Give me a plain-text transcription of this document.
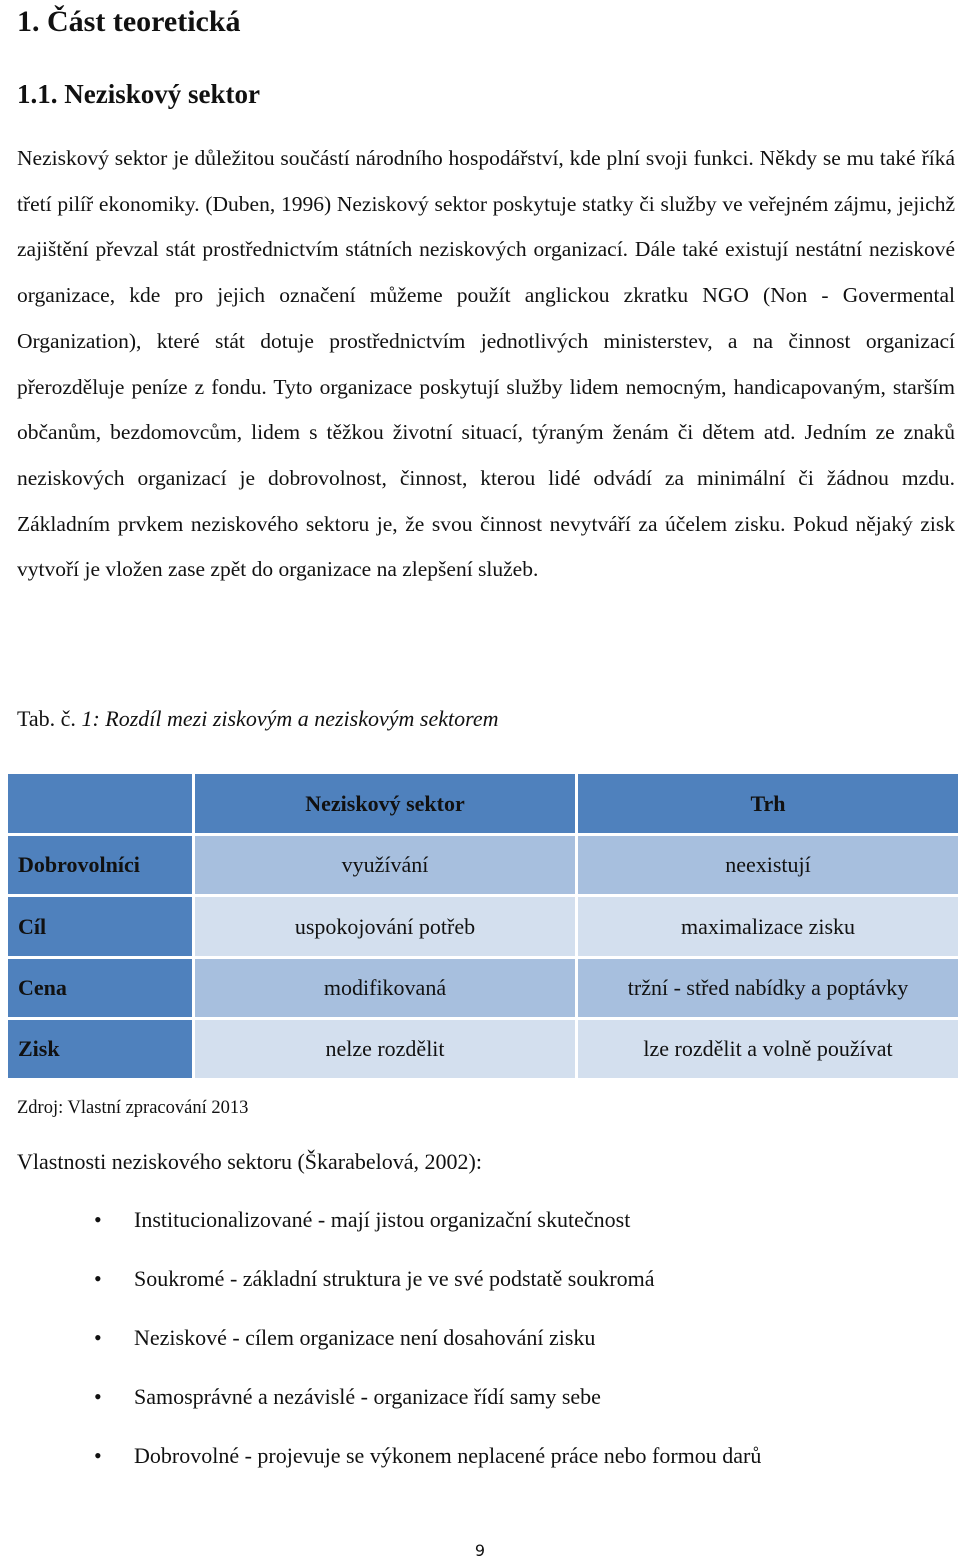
1. Část teoretická
1.1. Neziskový sektor

Neziskový sektor je důležitou součástí národního hospodářství, kde plní svoji funkci. Někdy se mu také říká třetí pilíř ekonomiky. (Duben, 1996) Neziskový sektor poskytuje statky či služby ve veřejném zájmu, jejichž zajištění převzal stát prostřednictvím státních neziskových organizací. Dále také existují nestátní neziskové organizace, kde pro jejich označení můžeme použít anglickou zkratku NGO (Non - Govermental Organization), které stát dotuje prostřednictvím jednotlivých ministerstev, a na činnost organizací přerozděluje peníze z fondu. Tyto organizace poskytují služby lidem nemocným, handicapovaným, starším občanům, bezdomovcům, lidem s těžkou životní situací, týraným ženám či dětem atd. Jedním ze znaků neziskových organizací je dobrovolnost, činnost, kterou lidé odvádí za minimální či žádnou mzdu. Základním prvkem neziskového sektoru je, že svou činnost nevytváří za účelem zisku. Pokud nějaký zisk vytvoří je vložen zase zpět do organizace na zlepšení služeb.

Tab. č. 1: Rozdíl mezi ziskovým a neziskovým sektorem

	Neziskový sektor	Trh
Dobrovolníci	využívání	neexistují
Cíl	uspokojování potřeb	maximalizace zisku
Cena	modifikovaná	tržní - střed nabídky a poptávky
Zisk	nelze rozdělit	lze rozdělit a volně používat

Zdroj: Vlastní zpracování 2013

Vlastnosti neziskového sektoru (Škarabelová, 2002):

• Institucionalizované - mají jistou organizační skutečnost
• Soukromé - základní struktura je ve své podstatě soukromá
• Neziskové - cílem organizace není dosahování zisku
• Samosprávné a nezávislé - organizace řídí samy sebe
• Dobrovolné - projevuje se výkonem neplacené práce nebo formou darů
9
